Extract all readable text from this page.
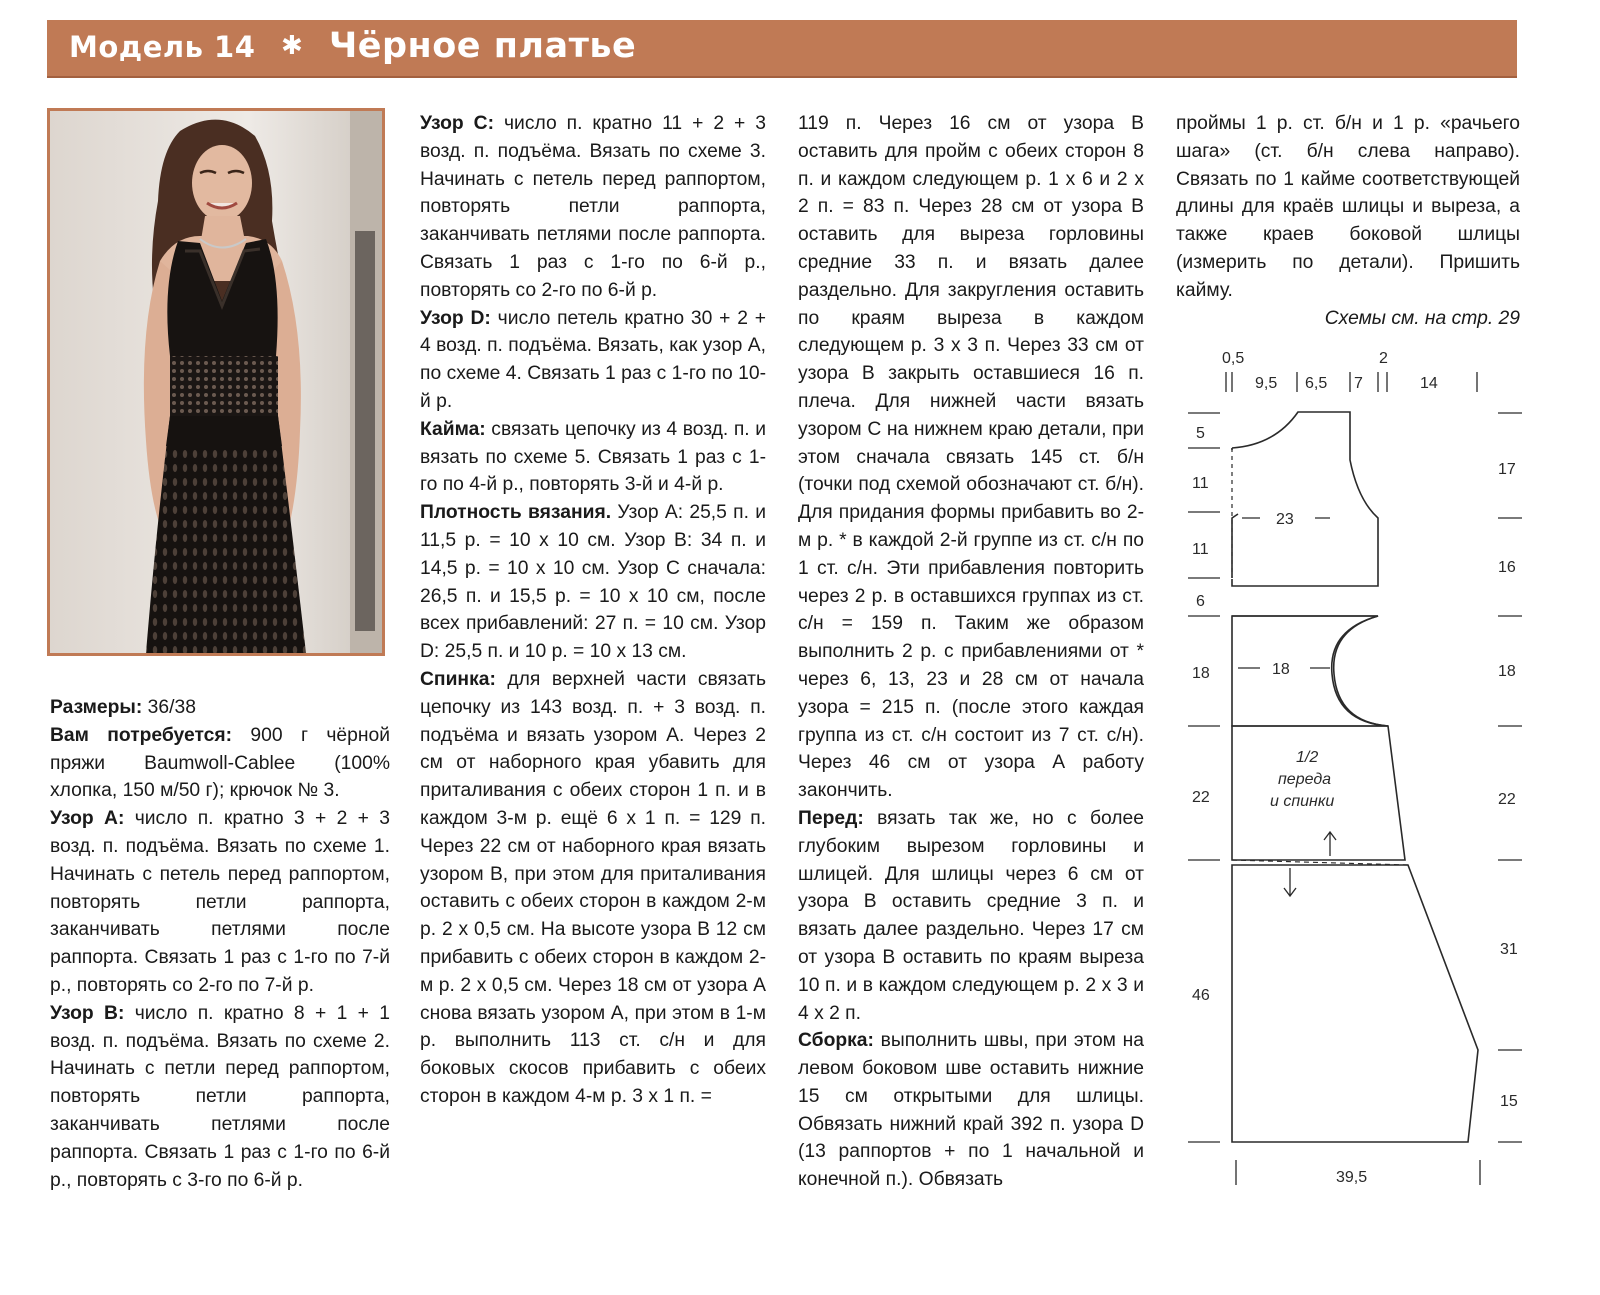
Модель 14 ✱ Чёрное платье

Размеры: 36/38

Вам потребуется: 900 г чёрной пряжи Baumwoll-Cablee (100% хлопка, 150 м/50 г); крючок № 3.

Узор А: число п. кратно 3 + 2 + 3 возд. п. подъёма. Вязать по схеме 1. Начинать с петель перед раппортом, повторять петли раппорта, заканчивать петлями после раппорта. Связать 1 раз с 1-го по 7-й р., повторять со 2-го по 7-й р.

Узор В: число п. кратно 8 + 1 + 1 возд. п. подъёма. Вязать по схеме 2. Начинать с петли перед раппортом, повторять петли раппорта, заканчивать петлями после раппорта. Связать 1 раз с 1-го по 6-й р., повторять с 3-го по 6-й р.

Узор С: число п. кратно 11 + 2 + 3 возд. п. подъёма. Вязать по схеме 3. Начинать с петель перед раппортом, повторять петли раппорта, заканчивать петлями после раппорта. Связать 1 раз с 1-го по 6-й р., повторять со 2-го по 6-й р.

Узор D: число петель кратно 30 + 2 + 4 возд. п. подъёма. Вязать, как узор А, по схеме 4. Связать 1 раз с 1-го по 10-й р.

Кайма: связать цепочку из 4 возд. п. и вязать по схеме 5. Связать 1 раз с 1-го по 4-й р., повторять 3-й и 4-й р.

Плотность вязания. Узор А: 25,5 п. и 11,5 р. = 10 х 10 см. Узор В: 34 п. и 14,5 р. = 10 х 10 см. Узор С сначала: 26,5 п. и 15,5 р. = 10 х 10 см, после всех прибавлений: 27 п. = 10 см. Узор D: 25,5 п. и 10 р. = 10 х 13 см.

Спинка: для верхней части связать цепочку из 143 возд. п. + 3 возд. п. подъёма и вязать узором А. Через 2 см от наборного края убавить для приталивания с обеих сторон 1 п. и в каждом 3-м р. ещё 6 х 1 п. = 129 п. Через 22 см от наборного края вязать узором В, при этом для приталивания оставить с обеих сторон в каждом 2-м р. 2 х 0,5 см. На высоте узора В 12 см прибавить с обеих сторон в каждом 2-м р. 2 х 0,5 см. Через 18 см от узора А снова вязать узором А, при этом в 1-м р. выполнить 113 ст. с/н и для боковых скосов прибавить с обеих сторон в каждом 4-м р. 3 х 1 п. =

119 п. Через 16 см от узора В оставить для пройм с обеих сторон 8 п. и каждом следующем р. 1 х 6 и 2 х 2 п. = 83 п. Через 28 см от узора В оставить для выреза горловины средние 33 п. и вязать далее раздельно. Для закругления оставить по краям выреза в каждом следующем р. 3 х 3 п. Через 33 см от узора В закрыть оставшиеся 16 п. плеча. Для нижней части вязать узором С на нижнем краю детали, при этом сначала связать 145 ст. б/н (точки под схемой обозначают ст. б/н). Для придания формы прибавить во 2-м р. * в каждой 2-й группе из ст. с/н по 1 ст. с/н. Эти прибавления повторить через 2 р. в оставшихся группах из ст. с/н = 159 п. Таким же образом выполнить 2 р. с прибавлениями от * через 6, 13, 23 и 28 см от начала узора = 215 п. (после этого каждая группа из ст. с/н состоит из 7 ст. с/н). Через 46 см от узора А работу закончить.

Перед: вязать так же, но с более глубоким вырезом горловины и шлицей. Для шлицы через 6 см от узора В оставить средние 3 п. и вязать далее раздельно. Через 17 см от узора В оставить по краям выреза 10 п. и в каждом следующем р. 2 х 3 и 4 х 2 п.

Сборка: выполнить швы, при этом на левом боковом шве оставить нижние 15 см открытыми для шлицы. Обвязать нижний край 392 п. узора D (13 раппортов + по 1 начальной и конечной п.). Обвязать

проймы 1 р. ст. б/н и 1 р. «рачьего шага» (ст. б/н слева направо). Связать по 1 кайме соответствующей длины для краёв шлицы и выреза, а также краев боковой шлицы (измерить по детали). Пришить кайму.

Схемы см. на стр. 29
0,5
9,5 6,5 7
2
14
5
11
11
6
18
22
46
17
16
18
22
31
15
23
18
1/2
переда
и спинки
39,5
